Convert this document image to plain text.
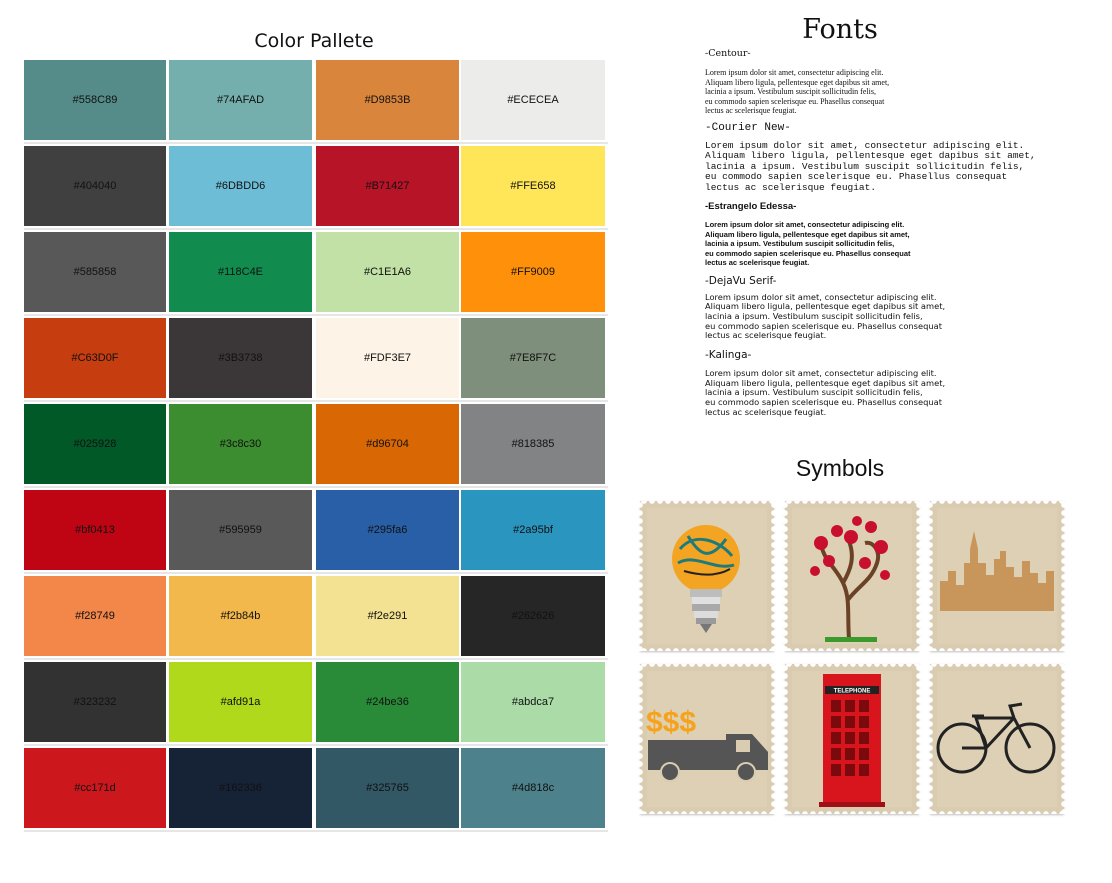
Color Pallete
#558C89	#74AFAD	#D9853B	#ECECEA
#404040	#6DBDD6	#B71427	#FFE658
#585858	#118C4E	#C1E1A6	#FF9009
#C63D0F	#3B3738	#FDF3E7	#7E8F7C
#025928	#3c8c30	#d96704	#818385
#bf0413	#595959	#295fa6	#2a95bf
#f28749	#f2b84b	#f2e291	#262626
#323232	#afd91a	#24be36	#abdca7
#cc171d	#162336	#325765	#4d818c
Fonts

-Centour-

Lorem ipsum dolor sit amet, consectetur adipiscing elit.
Aliquam libero ligula, pellentesque eget dapibus sit amet,
lacinia a ipsum. Vestibulum suscipit sollicitudin felis,
eu commodo sapien scelerisque eu. Phasellus consequat
lectus ac scelerisque feugiat.

-Courier New-

Lorem ipsum dolor sit amet, consectetur adipiscing elit.
Aliquam libero ligula, pellentesque eget dapibus sit amet,
lacinia a ipsum. Vestibulum suscipit sollicitudin felis,
eu commodo sapien scelerisque eu. Phasellus consequat
lectus ac scelerisque feugiat.

-Estrangelo Edessa-

Lorem ipsum dolor sit amet, consectetur adipiscing elit.
Aliquam libero ligula, pellentesque eget dapibus sit amet,
lacinia a ipsum. Vestibulum suscipit sollicitudin felis,
eu commodo sapien scelerisque eu. Phasellus consequat
lectus ac scelerisque feugiat.

-DejaVu Serif-

Lorem ipsum dolor sit amet, consectetur adipiscing elit.
Aliquam libero ligula, pellentesque eget dapibus sit amet,
lacinia a ipsum. Vestibulum suscipit sollicitudin felis,
eu commodo sapien scelerisque eu. Phasellus consequat
lectus ac scelerisque feugiat.

-Kalinga-

Lorem ipsum dolor sit amet, consectetur adipiscing elit.
Aliquam libero ligula, pellentesque eget dapibus sit amet,
lacinia a ipsum. Vestibulum suscipit sollicitudin felis,
eu commodo sapien scelerisque eu. Phasellus consequat
lectus ac scelerisque feugiat.

Symbols
$$$
TELEPHONE
